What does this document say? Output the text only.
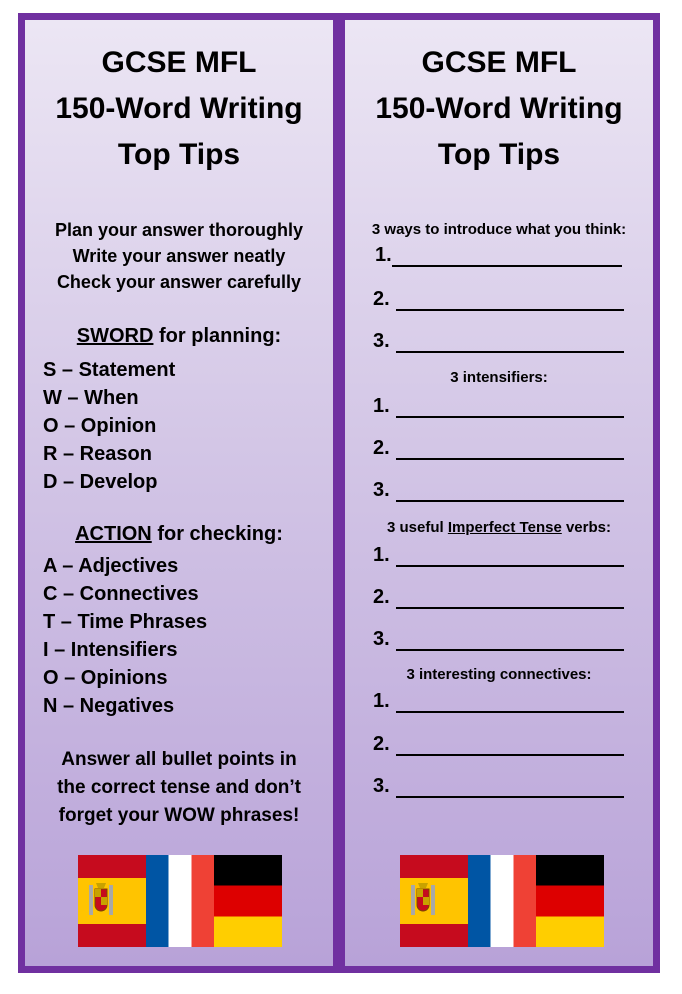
GCSE MFL
150-Word Writing
Top Tips
Plan your answer thoroughly
Write your answer neatly
Check your answer carefully
SWORD for planning:
S – Statement
W – When
O – Opinion
R – Reason
D – Develop
ACTION for checking:
A – Adjectives
C – Connectives
T – Time Phrases
I – Intensifiers
O – Opinions
N – Negatives
Answer all bullet points in
the correct tense and don’t
forget your WOW phrases!
GCSE MFL
150-Word Writing
Top Tips
3 ways to introduce what you think:
1.
2.
3.
3 intensifiers:
1.
2.
3.
3 useful Imperfect Tense verbs:
1.
2.
3.
3 interesting connectives:
1.
2.
3.
